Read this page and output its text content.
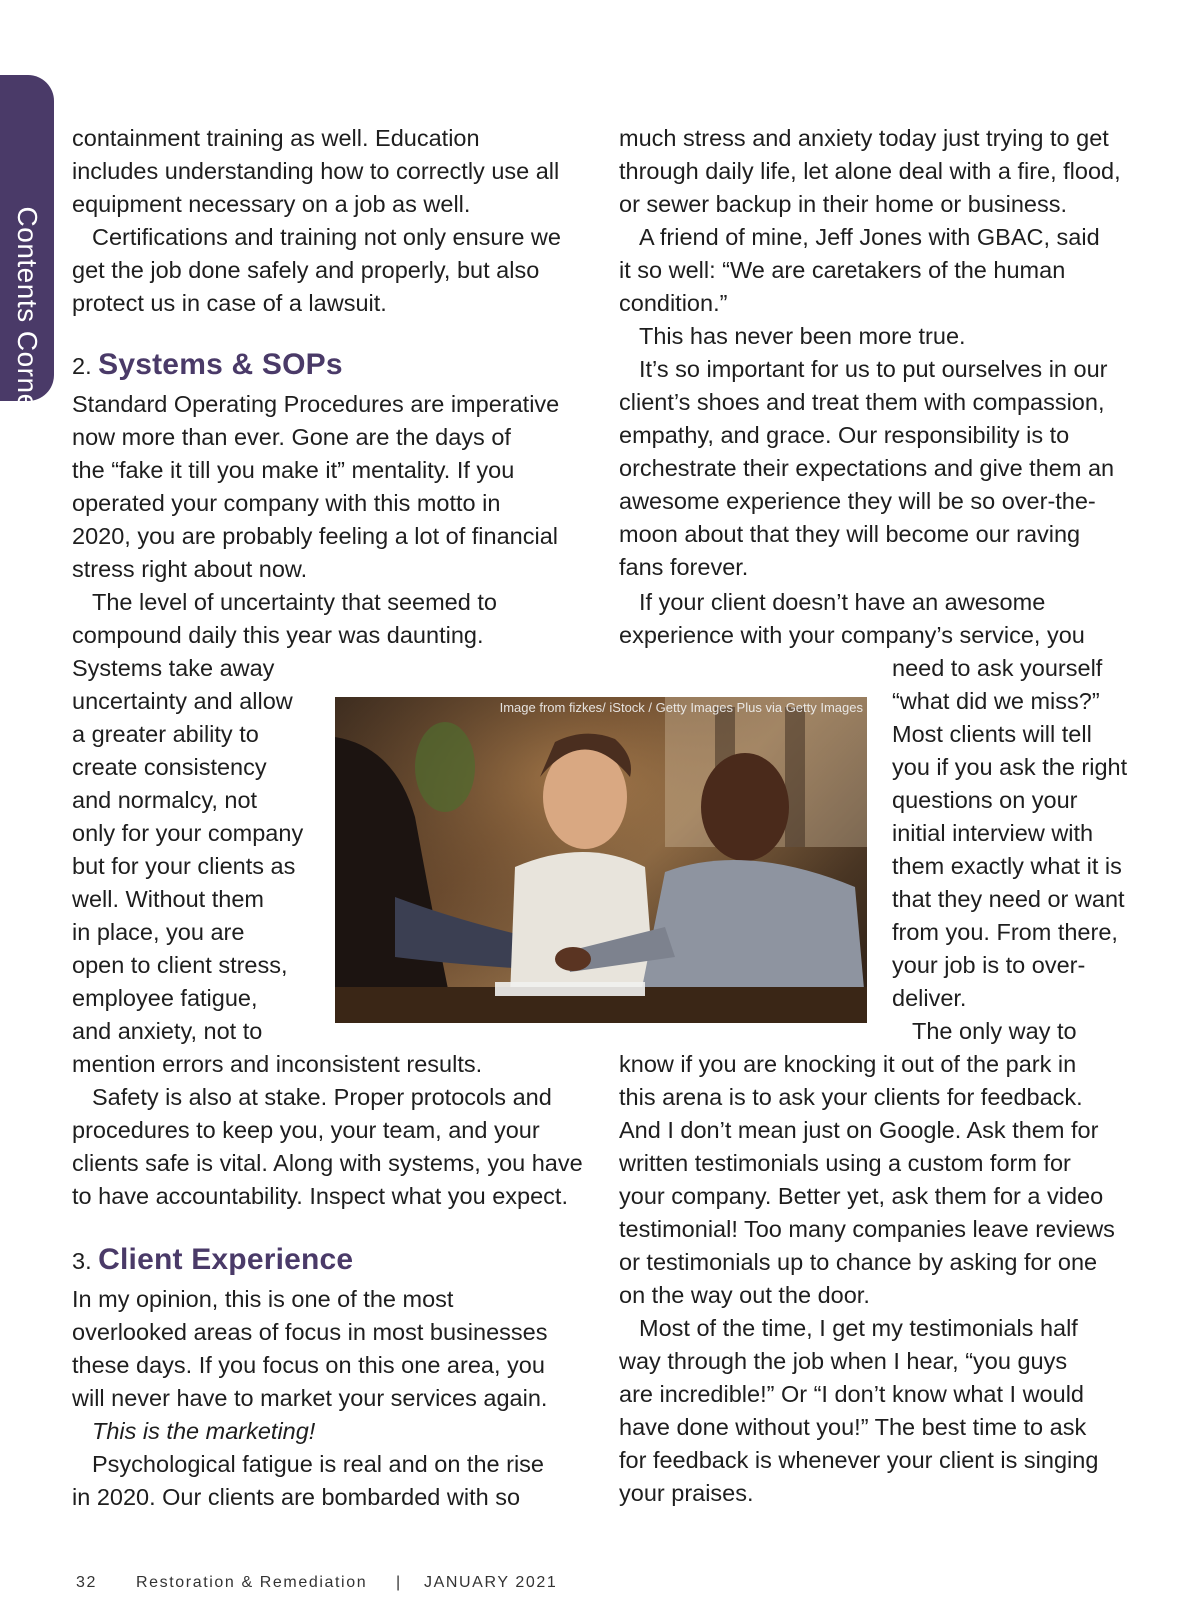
Contents Corner
containment training as well. Education
includes understanding how to correctly use all
equipment necessary on a job as well.
Certifications and training not only ensure we
get the job done safely and properly, but also
protect us in case of a lawsuit.
2. Systems & SOPs
Standard Operating Procedures are imperative
now more than ever. Gone are the days of
the “fake it till you make it” mentality. If you
operated your company with this motto in
2020, you are probably feeling a lot of financial
stress right about now.
The level of uncertainty that seemed to
compound daily this year was daunting.
Systems take away
uncertainty and allow
a greater ability to
create consistency
and normalcy, not
only for your company
but for your clients as
well. Without them
in place, you are
open to client stress,
employee fatigue,
and anxiety, not to
mention errors and inconsistent results.
Safety is also at stake. Proper protocols and
procedures to keep you, your team, and your
clients safe is vital. Along with systems, you have
to have accountability. Inspect what you expect.
3. Client Experience
In my opinion, this is one of the most
overlooked areas of focus in most businesses
these days. If you focus on this one area, you
will never have to market your services again.
This is the marketing!
Psychological fatigue is real and on the rise
in 2020. Our clients are bombarded with so
much stress and anxiety today just trying to get
through daily life, let alone deal with a fire, flood,
or sewer backup in their home or business.
A friend of mine, Jeff Jones with GBAC, said
it so well: “We are caretakers of the human
condition.”
This has never been more true.
It’s so important for us to put ourselves in our
client’s shoes and treat them with compassion,
empathy, and grace. Our responsibility is to
orchestrate their expectations and give them an
awesome experience they will be so over-the-
moon about that they will become our raving
fans forever.
If your client doesn’t have an awesome
experience with your company’s service, you
need to ask yourself
“what did we miss?”
Most clients will tell
you if you ask the right
questions on your
initial interview with
them exactly what it is
that they need or want
from you. From there,
your job is to over-
deliver.
The only way to
know if you are knocking it out of the park in
this arena is to ask your clients for feedback.
And I don’t mean just on Google. Ask them for
written testimonials using a custom form for
your company. Better yet, ask them for a video
testimonial! Too many companies leave reviews
or testimonials up to chance by asking for one
on the way out the door.
Most of the time, I get my testimonials half
way through the job when I hear, “you guys
are incredible!” Or “I don’t know what I would
have done without you!” The best time to ask
for feedback is whenever your client is singing
your praises.
Image from fizkes/ iStock / Getty Images Plus via Getty Images
32 Restoration & Remediation | JANUARY 2021
